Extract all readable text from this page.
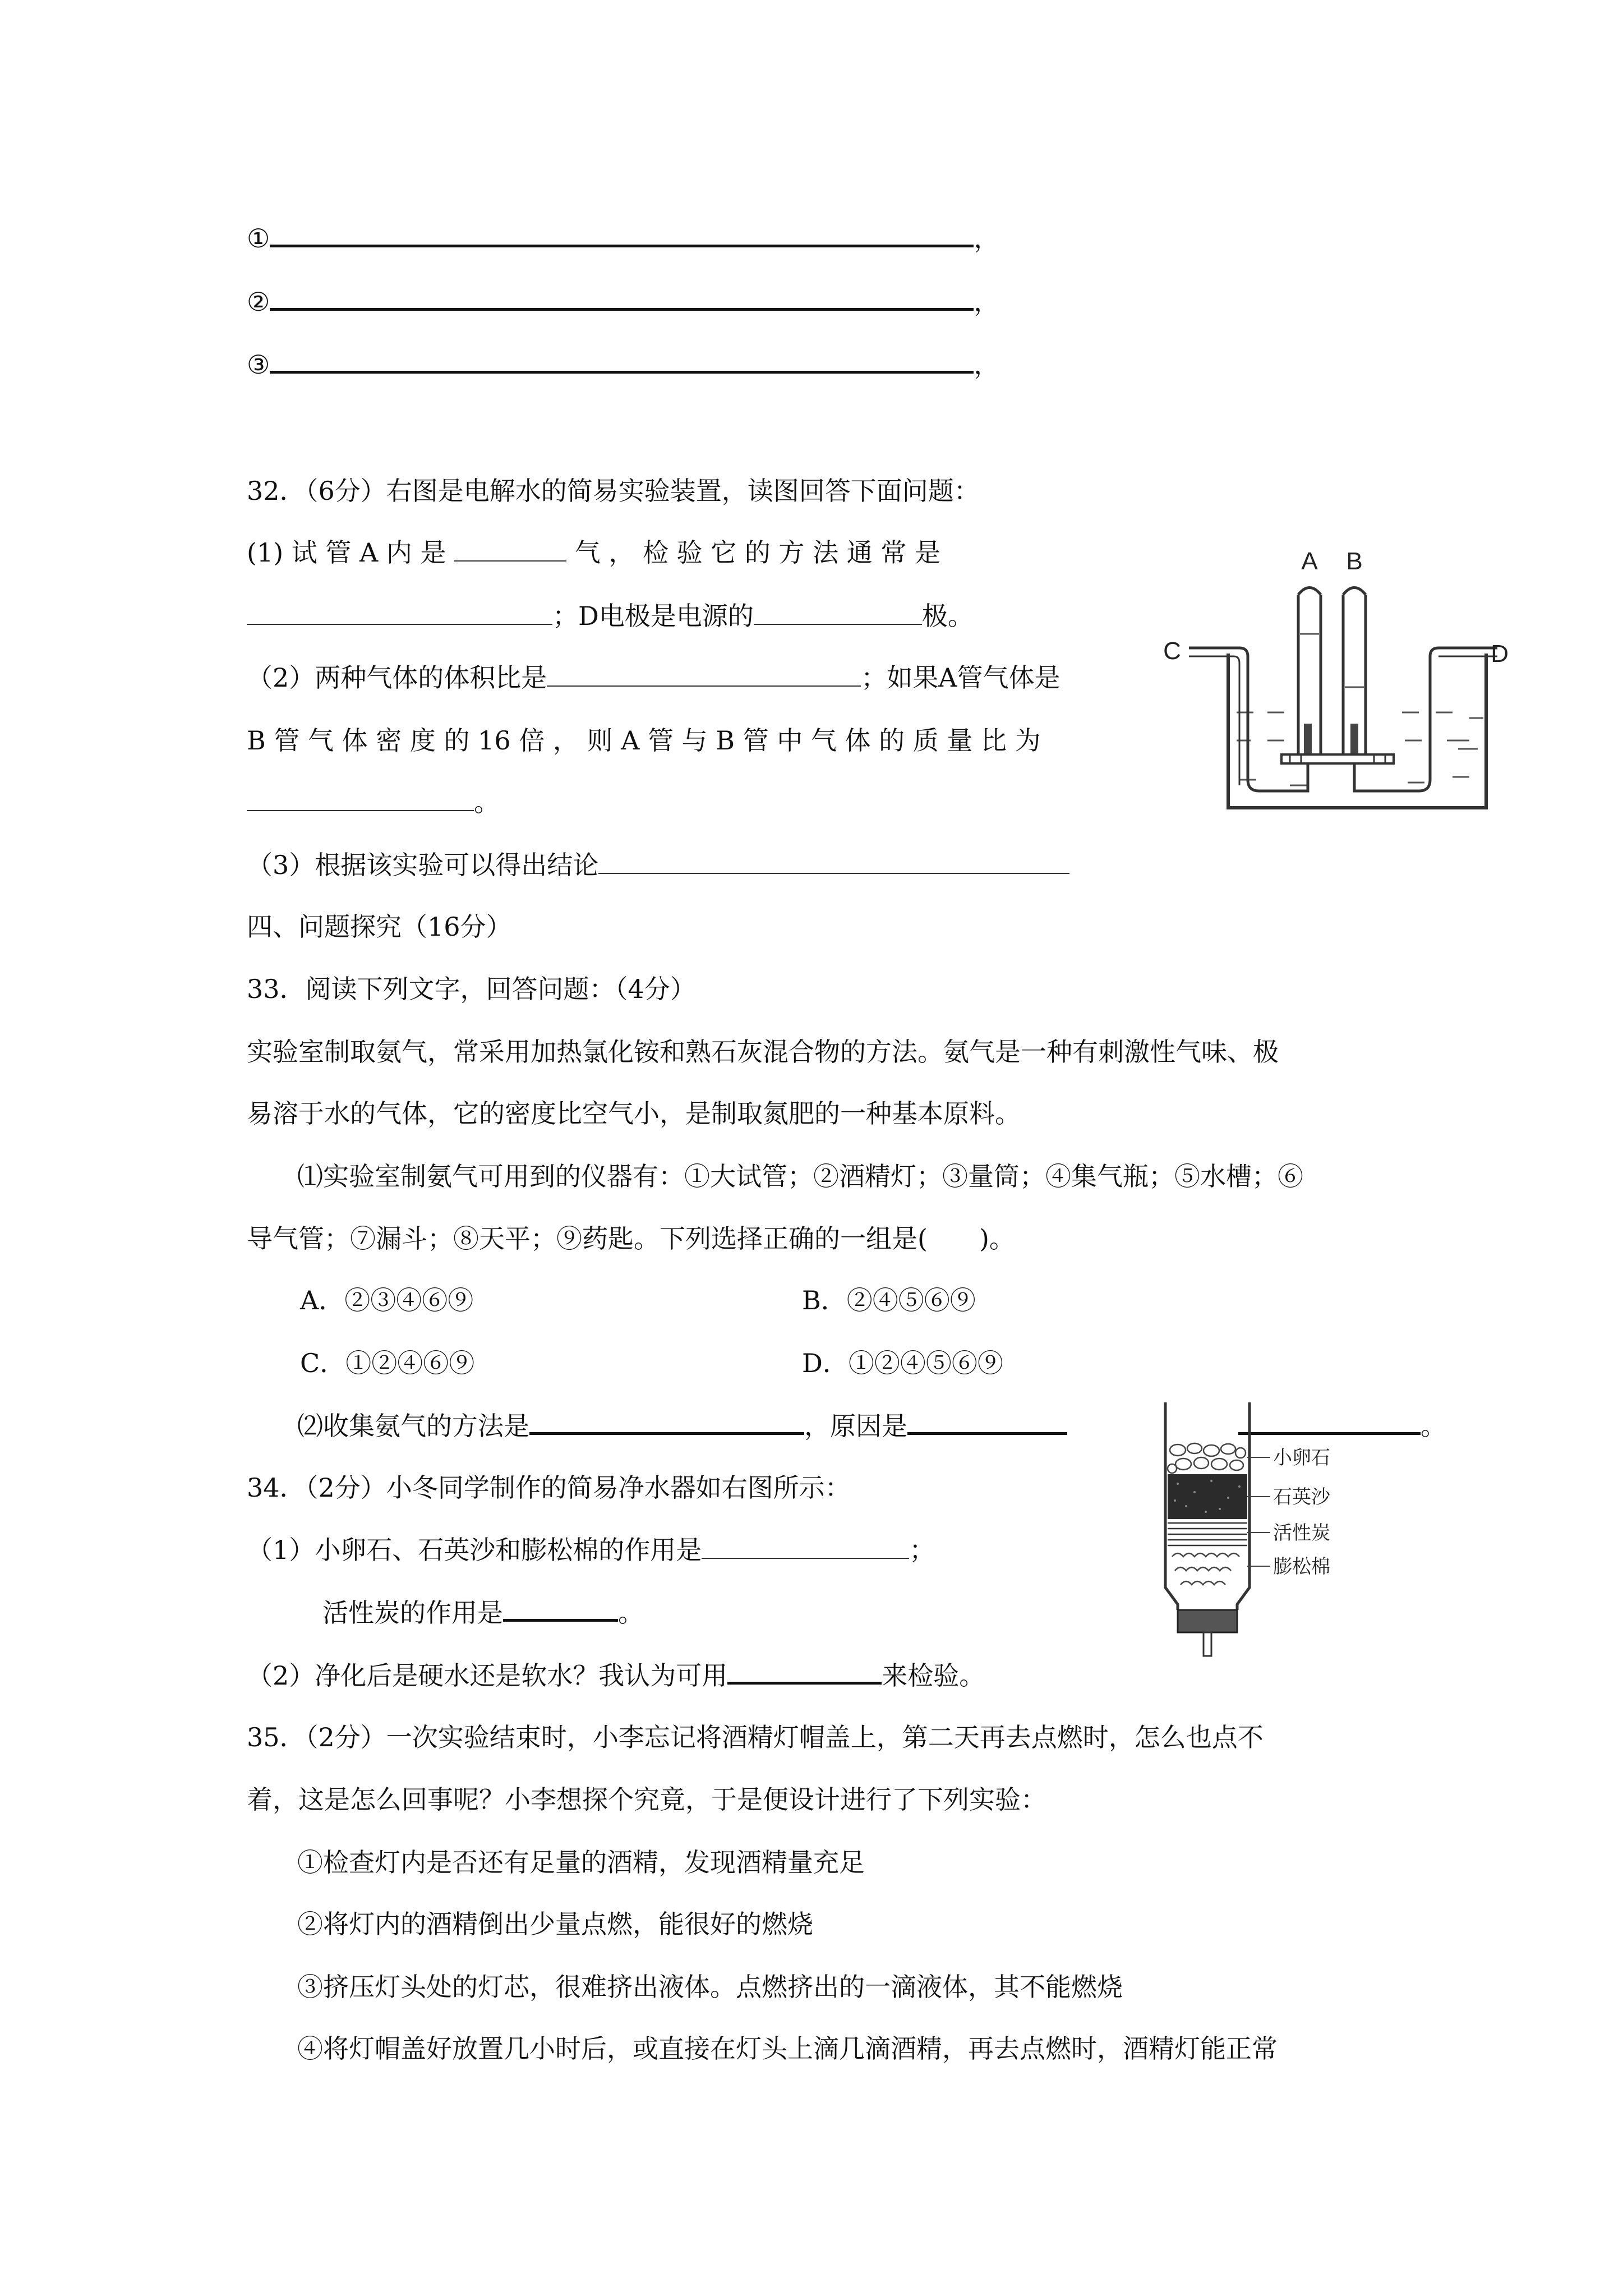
①	，
②	，
③	，
32．（6分）右图是电解水的简易实验装置，读图回答下面问题：
(1) 试 管 A 内 是	气 ， 检 验 它 的 方 法 通 常 是
；D电极是电源的	极。
（2）两种气体的体积比是	；如果A管气体是
B 管 气 体 密 度 的 16 倍 ， 则 A 管 与 B 管 中 气 体 的 质 量 比 为
。
（3）根据该实验可以得出结论
A B
C	D
四、问题探究（16分）
33．阅读下列文字，回答问题：（4分）
实验室制取氨气，常采用加热氯化铵和熟石灰混合物的方法。氨气是一种有刺激性气味、极
易溶于水的气体，它的密度比空气小，是制取氮肥的一种基本原料。
⑴实验室制氨气可用到的仪器有：①大试管；②酒精灯；③量筒；④集气瓶；⑤水槽；⑥
导气管；⑦漏斗；⑧天平；⑨药匙。下列选择正确的一组是(　　)。
A．②③④⑥⑨	B．②④⑤⑥⑨
C．①②④⑥⑨	D．①②④⑤⑥⑨
⑵收集氨气的方法是	，原因是	。
小卵石
石英沙
活性炭
膨松棉
34．（2分）小冬同学制作的简易净水器如右图所示：
（1）小卵石、石英沙和膨松棉的作用是	；
活性炭的作用是	。
（2）净化后是硬水还是软水？我认为可用	来检验。
35．（2分）一次实验结束时，小李忘记将酒精灯帽盖上，第二天再去点燃时，怎么也点不
着，这是怎么回事呢？小李想探个究竟，于是便设计进行了下列实验：
①检查灯内是否还有足量的酒精，发现酒精量充足
②将灯内的酒精倒出少量点燃，能很好的燃烧
③挤压灯头处的灯芯，很难挤出液体。点燃挤出的一滴液体，其不能燃烧
④将灯帽盖好放置几小时后，或直接在灯头上滴几滴酒精，再去点燃时，酒精灯能正常
